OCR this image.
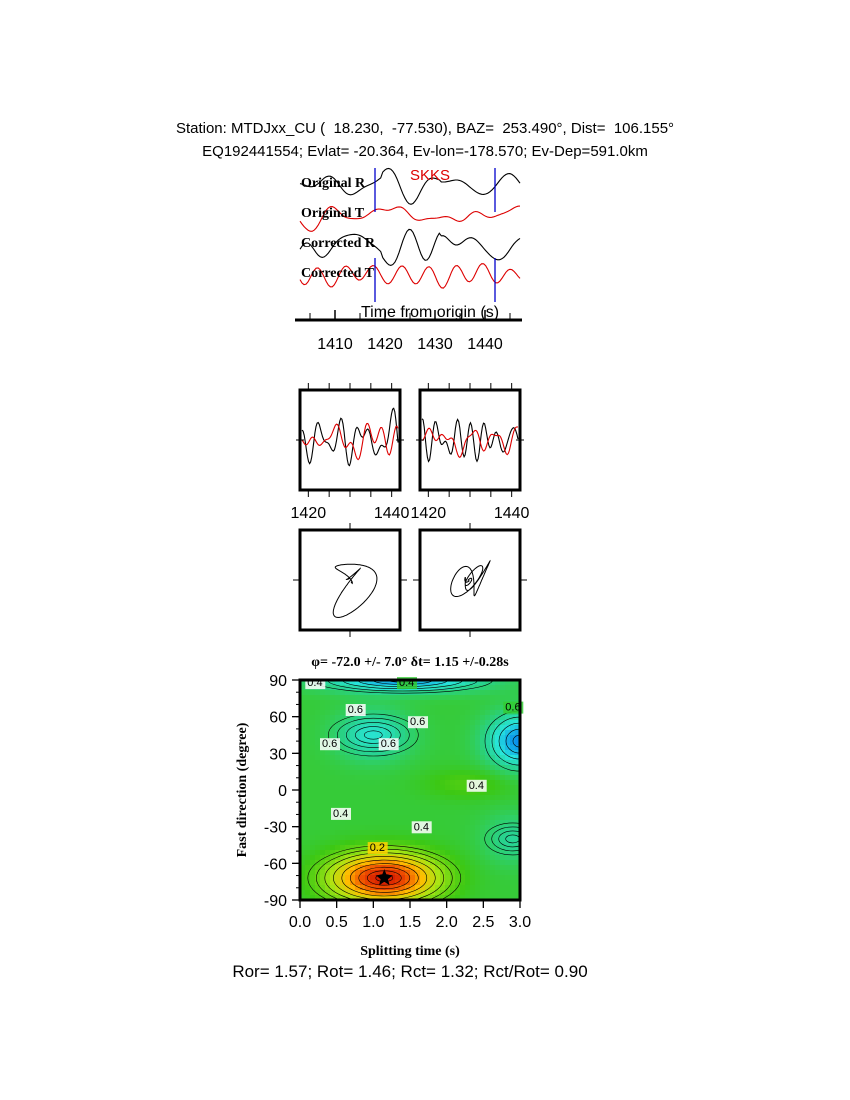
Station: MTDJxx_CU (  18.230,  -77.530), BAZ=  253.490°, Dist=  106.155°
EQ192441554; Evlat= -20.364, Ev-lon=-178.570; Ev-Dep=591.0km
Original R
Original T
Corrected R
Corrected T
SKKS
Time from origin (s)
1410 1420 1430 1440
1420	1440 1420	1440
φ= -72.0 +/- 7.0° δt= 1.15 +/-0.28s
0.4	0.4
0.6
0.6
0.6
0.6	0.6
0.4
0.4
0.4
0.2
0.0 0.5 1.0 1.5 2.0 2.5 3.0
90
60
30
0
-30
-60
-90
Splitting time (s)
Fast direction (degree)
Ror= 1.57; Rot= 1.46; Rct= 1.32; Rct/Rot= 0.90
